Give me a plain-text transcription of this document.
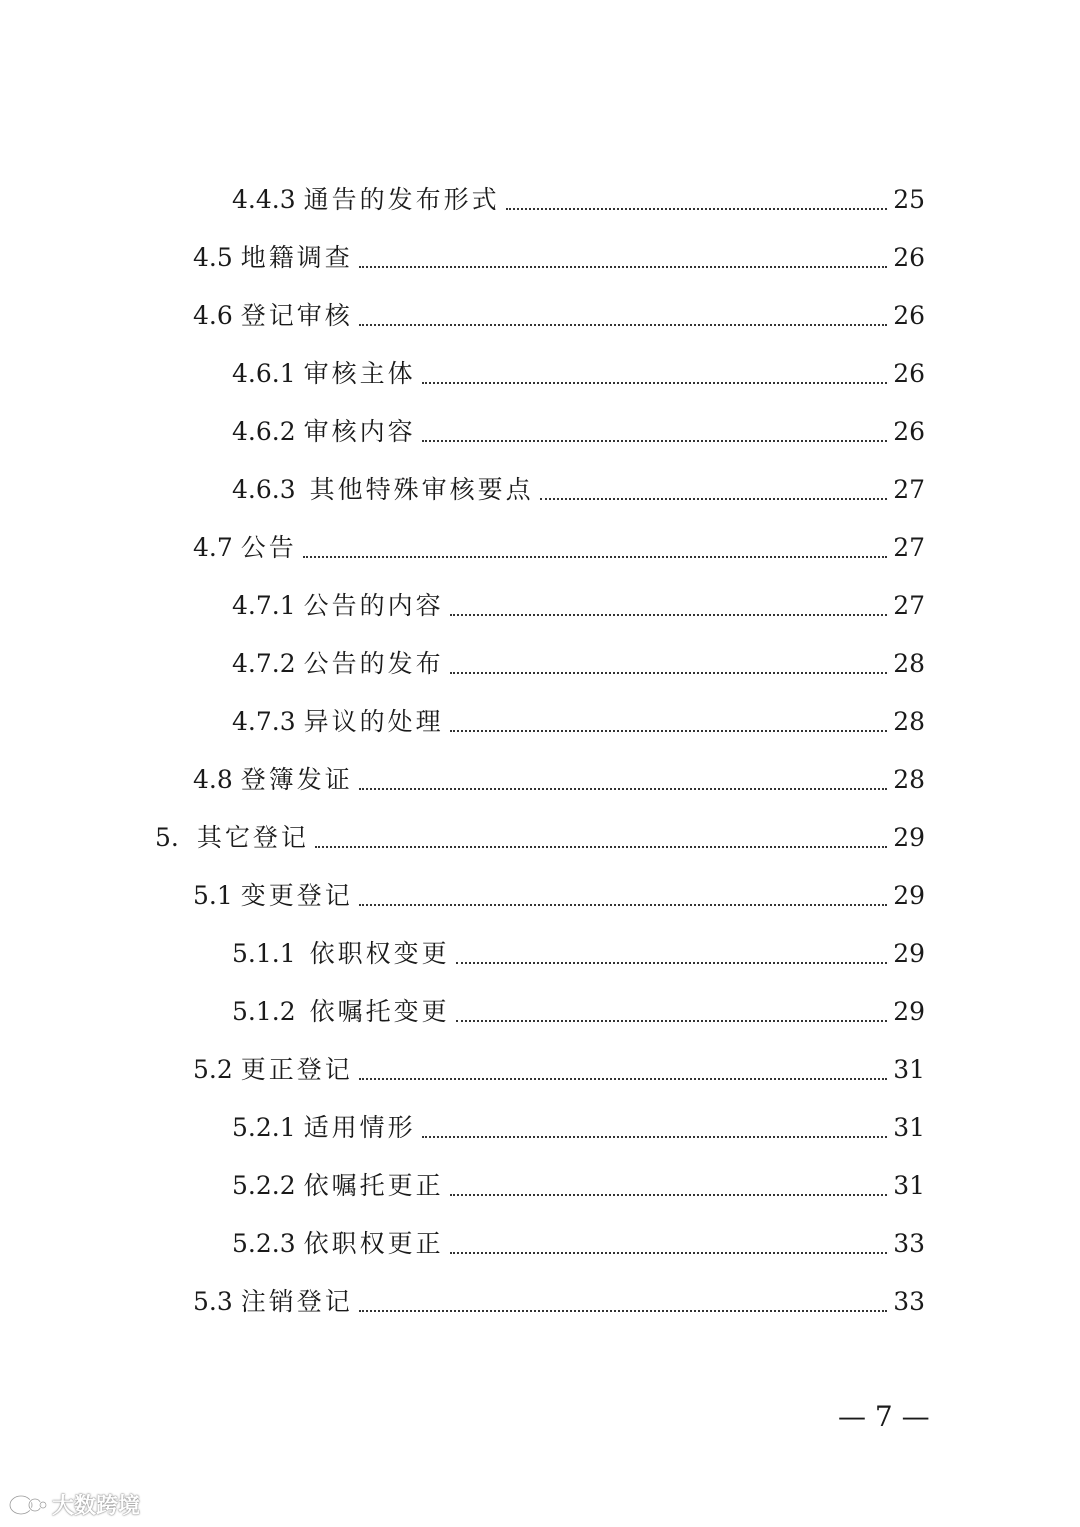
4.4.3 通告的发布形式	25
4.5 地籍调查	26
4.6 登记审核	26
4.6.1 审核主体	26
4.6.2 审核内容	26
4.6.3 其他特殊审核要点	27
4.7 公告	27
4.7.1 公告的内容	27
4.7.2 公告的发布	28
4.7.3 异议的处理	28
4.8 登簿发证	28
5. 其它登记	29
5.1 变更登记	29
5.1.1 依职权变更	29
5.1.2 依嘱托变更	29
5.2 更正登记	31
5.2.1 适用情形	31
5.2.2 依嘱托更正	31
5.2.3 依职权更正	33
5.3 注销登记	33
— 7 —
大数跨境
